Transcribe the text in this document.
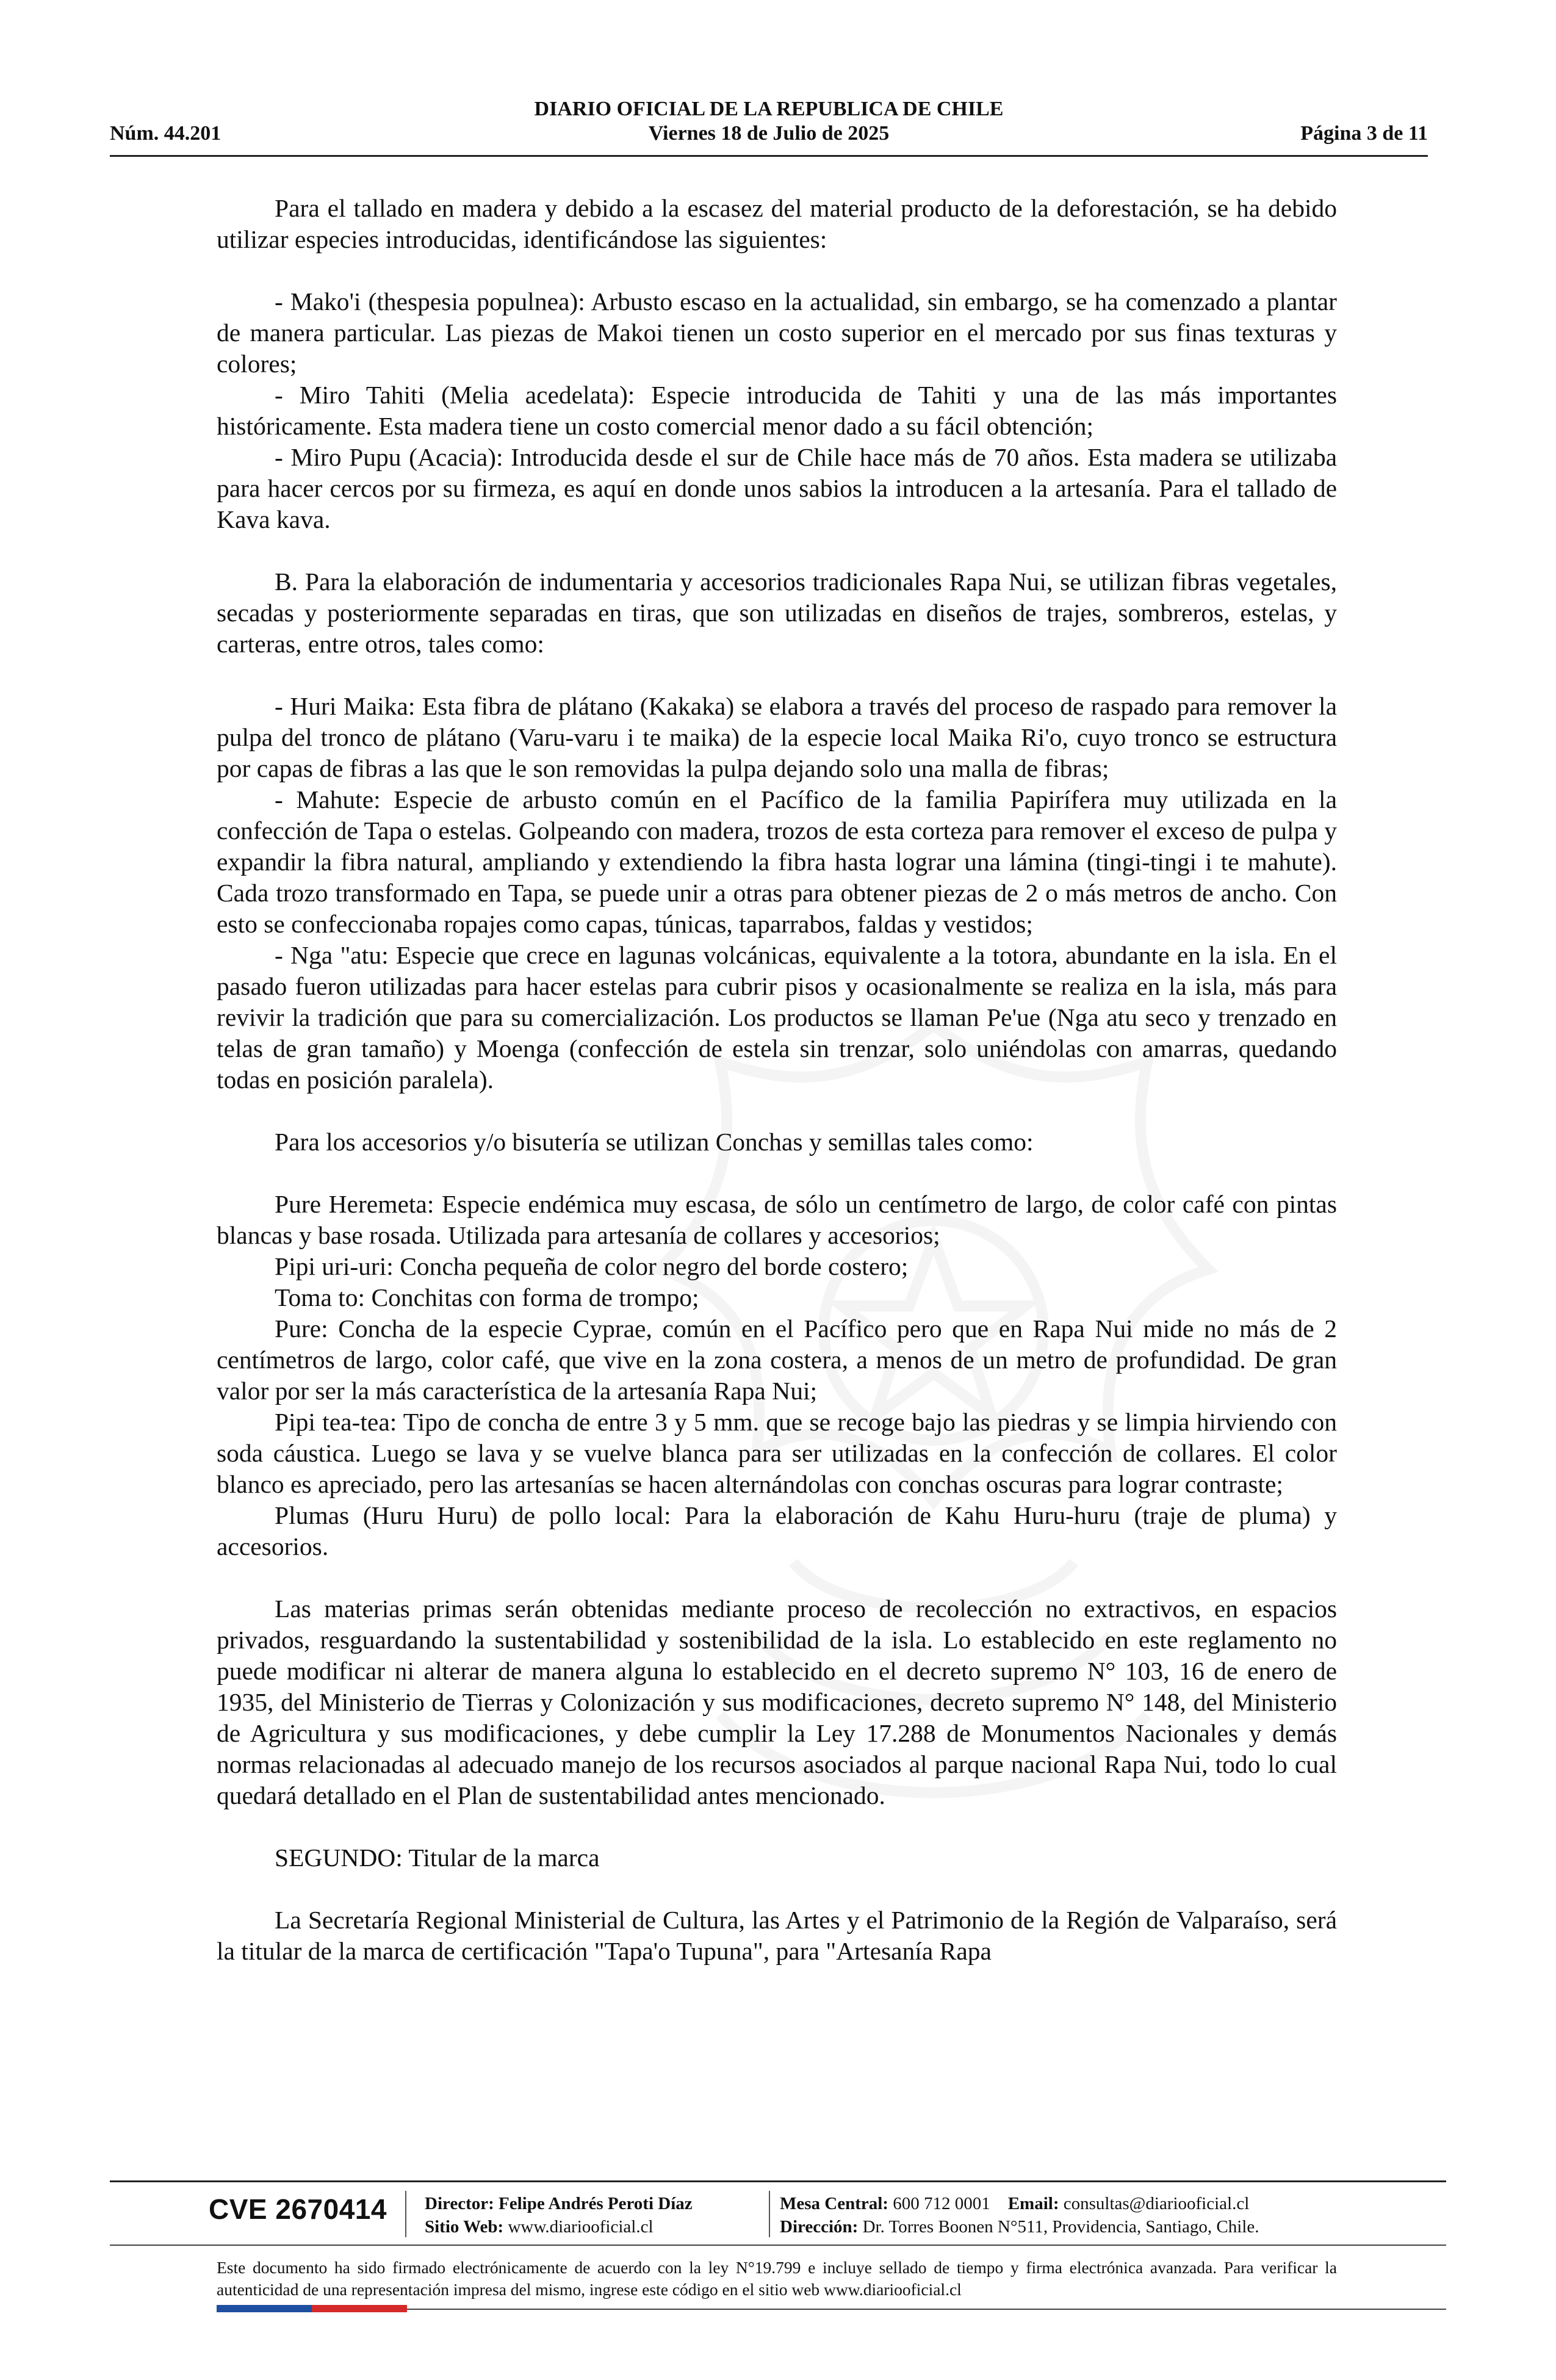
DIARIO OFICIAL DE LA REPUBLICA DE CHILE
Núm. 44.201	Viernes 18 de Julio de 2025	Página 3 de 11

Para el tallado en madera y debido a la escasez del material producto de la deforestación, se ha debido utilizar especies introducidas, identificándose las siguientes:

- Mako'i (thespesia populnea): Arbusto escaso en la actualidad, sin embargo, se ha comenzado a plantar de manera particular. Las piezas de Makoi tienen un costo superior en el mercado por sus finas texturas y colores;

- Miro Tahiti (Melia acedelata): Especie introducida de Tahiti y una de las más importantes históricamente. Esta madera tiene un costo comercial menor dado a su fácil obtención;

- Miro Pupu (Acacia): Introducida desde el sur de Chile hace más de 70 años. Esta madera se utilizaba para hacer cercos por su firmeza, es aquí en donde unos sabios la introducen a la artesanía. Para el tallado de Kava kava.

B. Para la elaboración de indumentaria y accesorios tradicionales Rapa Nui, se utilizan fibras vegetales, secadas y posteriormente separadas en tiras, que son utilizadas en diseños de trajes, sombreros, estelas, y carteras, entre otros, tales como:

- Huri Maika: Esta fibra de plátano (Kakaka) se elabora a través del proceso de raspado para remover la pulpa del tronco de plátano (Varu-varu i te maika) de la especie local Maika Ri'o, cuyo tronco se estructura por capas de fibras a las que le son removidas la pulpa dejando solo una malla de fibras;

- Mahute: Especie de arbusto común en el Pacífico de la familia Papirífera muy utilizada en la confección de Tapa o estelas. Golpeando con madera, trozos de esta corteza para remover el exceso de pulpa y expandir la fibra natural, ampliando y extendiendo la fibra hasta lograr una lámina (tingi-tingi i te mahute). Cada trozo transformado en Tapa, se puede unir a otras para obtener piezas de 2 o más metros de ancho. Con esto se confeccionaba ropajes como capas, túnicas, taparrabos, faldas y vestidos;

- Nga "atu: Especie que crece en lagunas volcánicas, equivalente a la totora, abundante en la isla. En el pasado fueron utilizadas para hacer estelas para cubrir pisos y ocasionalmente se realiza en la isla, más para revivir la tradición que para su comercialización. Los productos se llaman Pe'ue (Nga atu seco y trenzado en telas de gran tamaño) y Moenga (confección de estela sin trenzar, solo uniéndolas con amarras, quedando todas en posición paralela).

Para los accesorios y/o bisutería se utilizan Conchas y semillas tales como:

Pure Heremeta: Especie endémica muy escasa, de sólo un centímetro de largo, de color café con pintas blancas y base rosada. Utilizada para artesanía de collares y accesorios;

Pipi uri-uri: Concha pequeña de color negro del borde costero;

Toma to: Conchitas con forma de trompo;

Pure: Concha de la especie Cyprae, común en el Pacífico pero que en Rapa Nui mide no más de 2 centímetros de largo, color café, que vive en la zona costera, a menos de un metro de profundidad. De gran valor por ser la más característica de la artesanía Rapa Nui;

Pipi tea-tea: Tipo de concha de entre 3 y 5 mm. que se recoge bajo las piedras y se limpia hirviendo con soda cáustica. Luego se lava y se vuelve blanca para ser utilizadas en la confección de collares. El color blanco es apreciado, pero las artesanías se hacen alternándolas con conchas oscuras para lograr contraste;

Plumas (Huru Huru) de pollo local: Para la elaboración de Kahu Huru-huru (traje de pluma) y accesorios.

Las materias primas serán obtenidas mediante proceso de recolección no extractivos, en espacios privados, resguardando la sustentabilidad y sostenibilidad de la isla. Lo establecido en este reglamento no puede modificar ni alterar de manera alguna lo establecido en el decreto supremo N° 103, 16 de enero de 1935, del Ministerio de Tierras y Colonización y sus modificaciones, decreto supremo N° 148, del Ministerio de Agricultura y sus modificaciones, y debe cumplir la Ley 17.288 de Monumentos Nacionales y demás normas relacionadas al adecuado manejo de los recursos asociados al parque nacional Rapa Nui, todo lo cual quedará detallado en el Plan de sustentabilidad antes mencionado.

SEGUNDO: Titular de la marca

La Secretaría Regional Ministerial de Cultura, las Artes y el Patrimonio de la Región de Valparaíso, será la titular de la marca de certificación "Tapa'o Tupuna", para "Artesanía Rapa

CVE 2670414 Director: Felipe Andrés Peroti Díaz
Sitio Web: www.diariooficial.cl
Mesa Central: 600 712 0001 Email: consultas@diariooficial.cl
Dirección: Dr. Torres Boonen N°511, Providencia, Santiago, Chile.
Este documento ha sido firmado electrónicamente de acuerdo con la ley N°19.799 e incluye sellado de tiempo y firma electrónica avanzada. Para verificar la autenticidad de una representación impresa del mismo, ingrese este código en el sitio web www.diariooficial.cl
